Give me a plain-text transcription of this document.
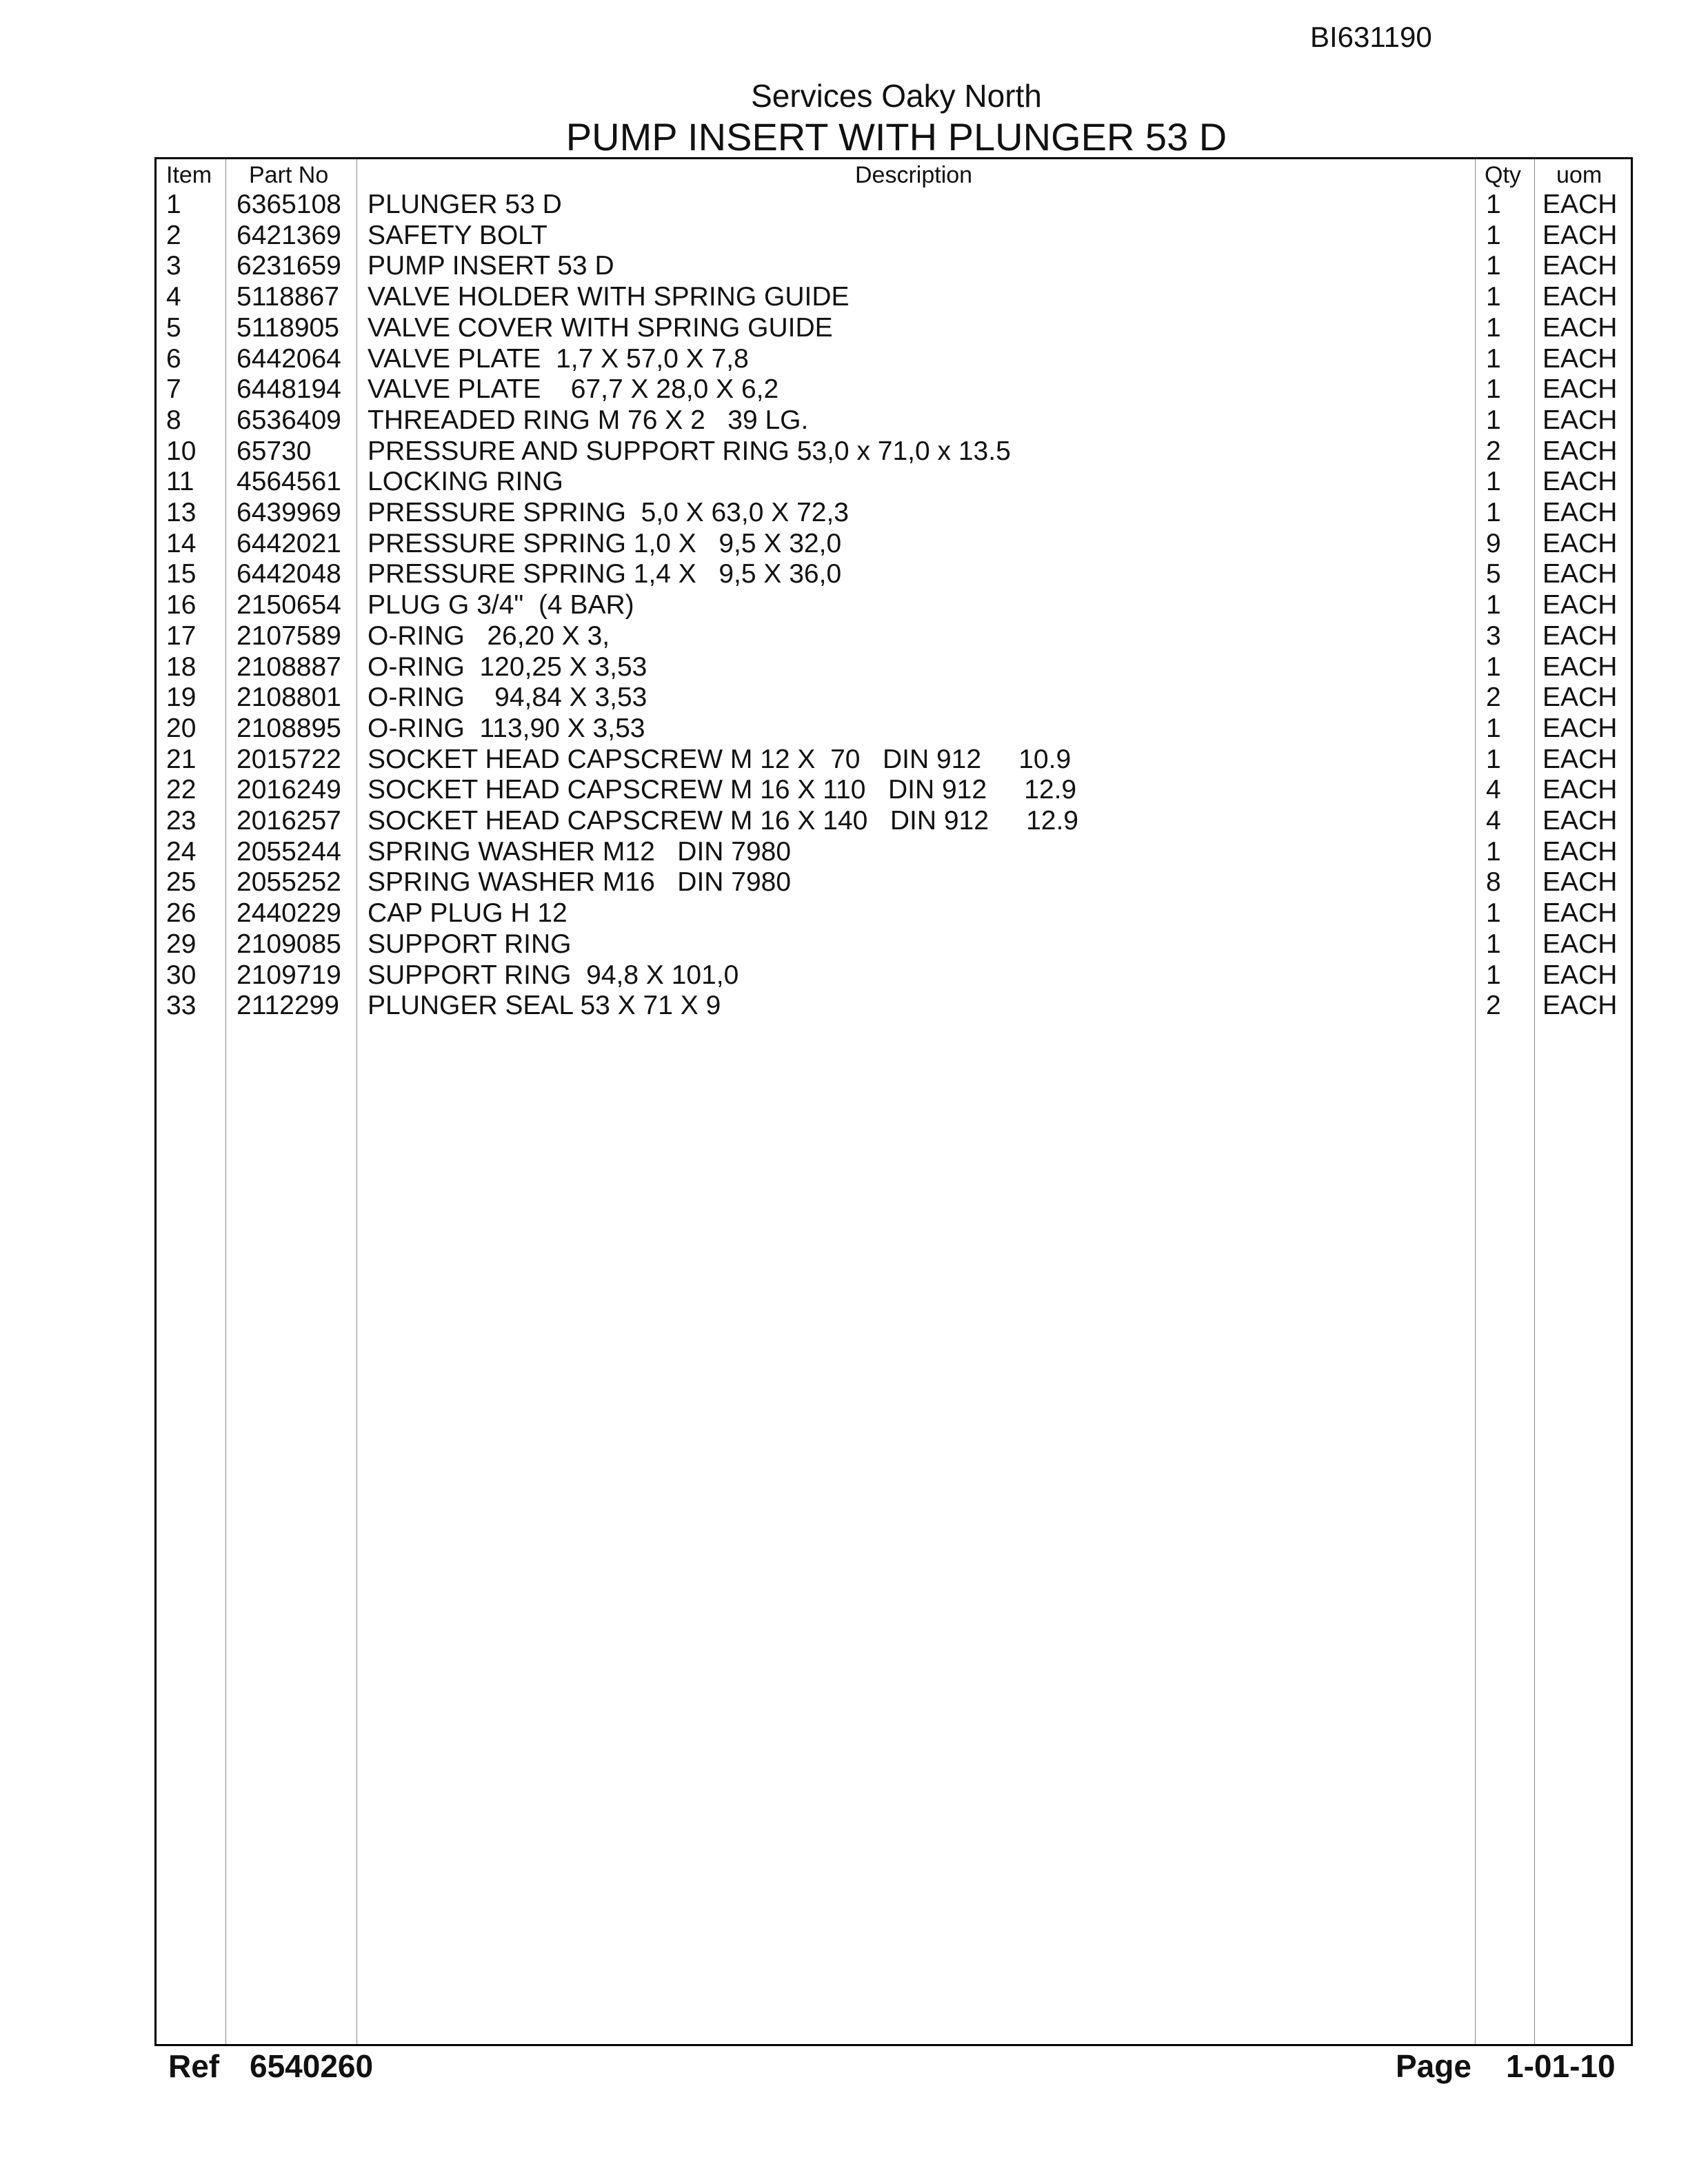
BI631190
Services Oaky North
PUMP INSERT WITH PLUNGER 53 D
Item Part No	Description	Qty uom
1 6365108 PLUNGER 53 D	1 EACH
2 6421369 SAFETY BOLT	1 EACH
3 6231659 PUMP INSERT 53 D	1 EACH
4 5118867 VALVE HOLDER WITH SPRING GUIDE	1 EACH
5 5118905 VALVE COVER WITH SPRING GUIDE	1 EACH
6 6442064 VALVE PLATE  1,7 X 57,0 X 7,8	1 EACH
7 6448194 VALVE PLATE    67,7 X 28,0 X 6,2	1 EACH
8 6536409 THREADED RING M 76 X 2   39 LG.	1 EACH
10 65730 PRESSURE AND SUPPORT RING 53,0 x 71,0 x 13.5	2 EACH
11 4564561 LOCKING RING	1 EACH
13 6439969 PRESSURE SPRING  5,0 X 63,0 X 72,3	1 EACH
14 6442021 PRESSURE SPRING 1,0 X   9,5 X 32,0	9 EACH
15 6442048 PRESSURE SPRING 1,4 X   9,5 X 36,0	5 EACH
16 2150654 PLUG G 3/4"  (4 BAR)	1 EACH
17 2107589 O-RING   26,20 X 3,	3 EACH
18 2108887 O-RING  120,25 X 3,53	1 EACH
19 2108801 O-RING    94,84 X 3,53	2 EACH
20 2108895 O-RING  113,90 X 3,53	1 EACH
21 2015722 SOCKET HEAD CAPSCREW M 12 X  70   DIN 912     10.9	1 EACH
22 2016249 SOCKET HEAD CAPSCREW M 16 X 110   DIN 912     12.9	4 EACH
23 2016257 SOCKET HEAD CAPSCREW M 16 X 140   DIN 912     12.9	4 EACH
24 2055244 SPRING WASHER M12   DIN 7980	1 EACH
25 2055252 SPRING WASHER M16   DIN 7980	8 EACH
26 2440229 CAP PLUG H 12	1 EACH
29 2109085 SUPPORT RING	1 EACH
30 2109719 SUPPORT RING  94,8 X 101,0	1 EACH
33 2112299 PLUNGER SEAL 53 X 71 X 9	2 EACH
Ref 6540260	Page 1-01-10
